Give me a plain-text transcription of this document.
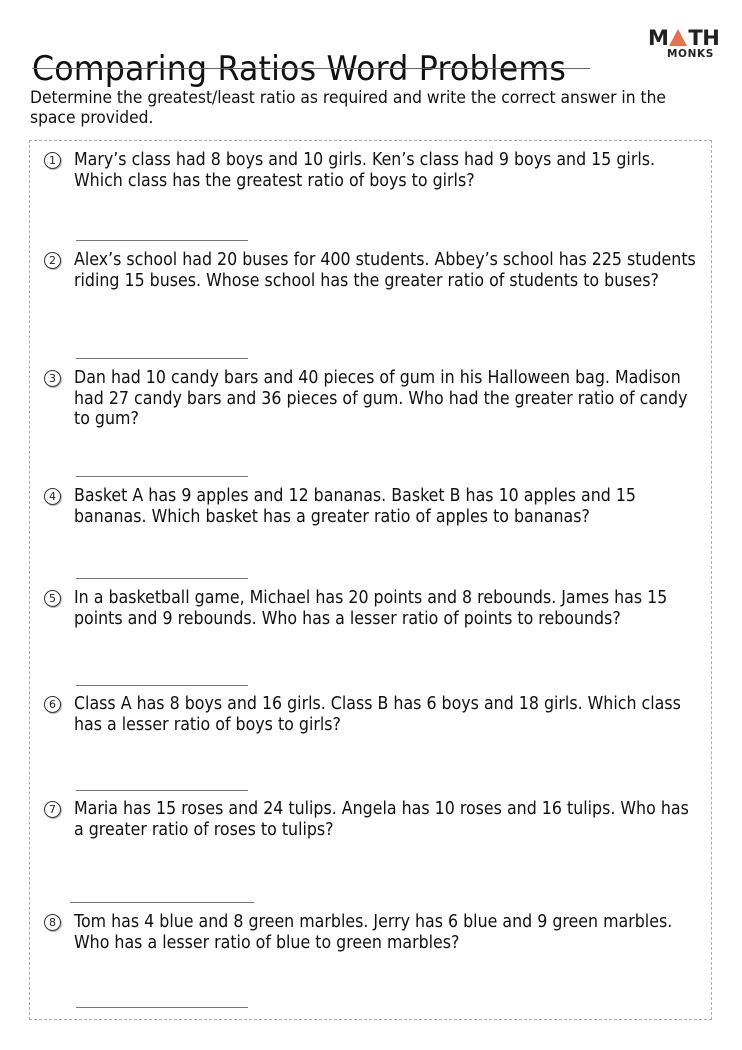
Comparing Ratios Word Problems
M TH
MONKS
Determine the greatest/least ratio as required and write the correct answer in the space provided.
1 Mary’s class had 8 boys and 10 girls. Ken’s class had 9 boys and 15 girls. Which class has the greatest ratio of boys to girls?
2 Alex’s school had 20 buses for 400 students. Abbey’s school has 225 students riding 15 buses. Whose school has the greater ratio of students to buses?
3 Dan had 10 candy bars and 40 pieces of gum in his Halloween bag. Madison had 27 candy bars and 36 pieces of gum. Who had the greater ratio of candy to gum?
4 Basket A has 9 apples and 12 bananas. Basket B has 10 apples and 15 bananas. Which basket has a greater ratio of apples to bananas?
5 In a basketball game, Michael has 20 points and 8 rebounds. James has 15 points and 9 rebounds. Who has a lesser ratio of points to rebounds?
6 Class A has 8 boys and 16 girls. Class B has 6 boys and 18 girls. Which class has a lesser ratio of boys to girls?
7 Maria has 15 roses and 24 tulips. Angela has 10 roses and 16 tulips. Who has a greater ratio of roses to tulips?
8 Tom has 4 blue and 8 green marbles. Jerry has 6 blue and 9 green marbles. Who has a lesser ratio of blue to green marbles?
